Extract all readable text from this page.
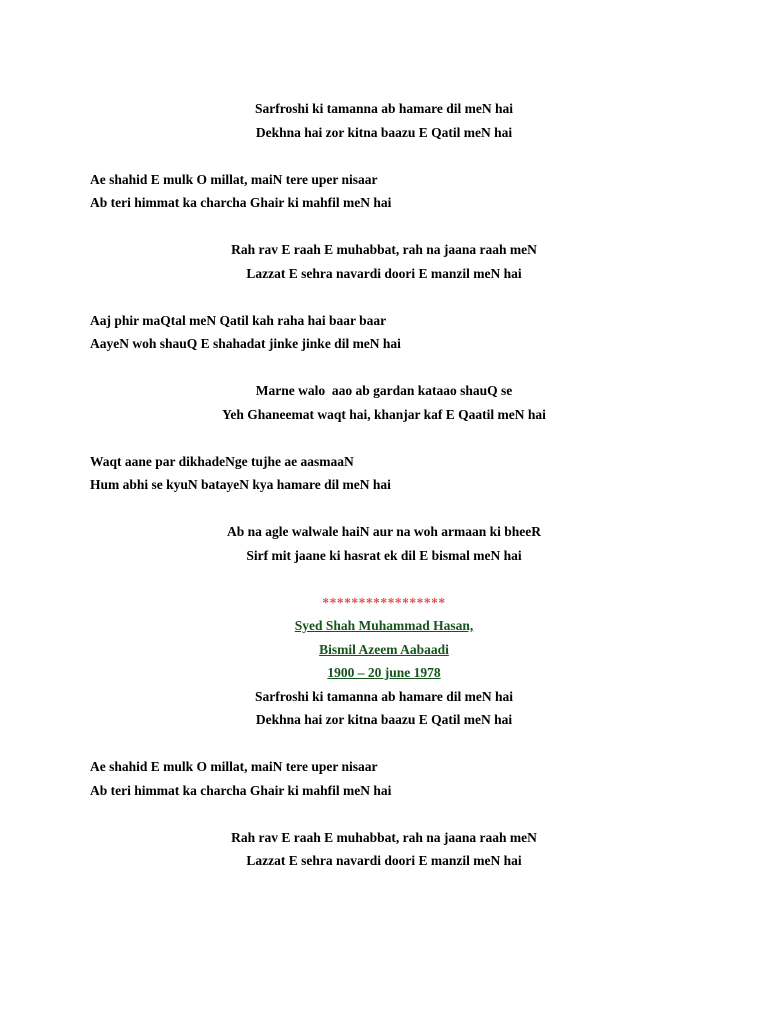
Sarfroshi ki tamanna ab hamare dil meN hai
Dekhna hai zor kitna baazu E Qatil meN hai
Ae shahid E mulk O millat, maiN tere uper nisaar
Ab teri himmat ka charcha Ghair ki mahfil meN hai
Rah rav E raah E muhabbat, rah na jaana raah meN
Lazzat E sehra navardi doori E manzil meN hai
Aaj phir maQtal meN Qatil kah raha hai baar baar
AayeN woh shauQ E shahadat jinke jinke dil meN hai
Marne walo  aao ab gardan kataao shauQ se
Yeh Ghaneemat waqt hai, khanjar kaf E Qaatil meN hai
Waqt aane par dikhadeNge tujhe ae aasmaaN
Hum abhi se kyuN batayeN kya hamare dil meN hai
Ab na agle walwale haiN aur na woh armaan ki bheeR
Sirf mit jaane ki hasrat ek dil E bismal meN hai
*****************
Syed Shah Muhammad Hasan,
Bismil Azeem Aabaadi
1900 – 20 june 1978
Sarfroshi ki tamanna ab hamare dil meN hai
Dekhna hai zor kitna baazu E Qatil meN hai
Ae shahid E mulk O millat, maiN tere uper nisaar
Ab teri himmat ka charcha Ghair ki mahfil meN hai
Rah rav E raah E muhabbat, rah na jaana raah meN
Lazzat E sehra navardi doori E manzil meN hai
